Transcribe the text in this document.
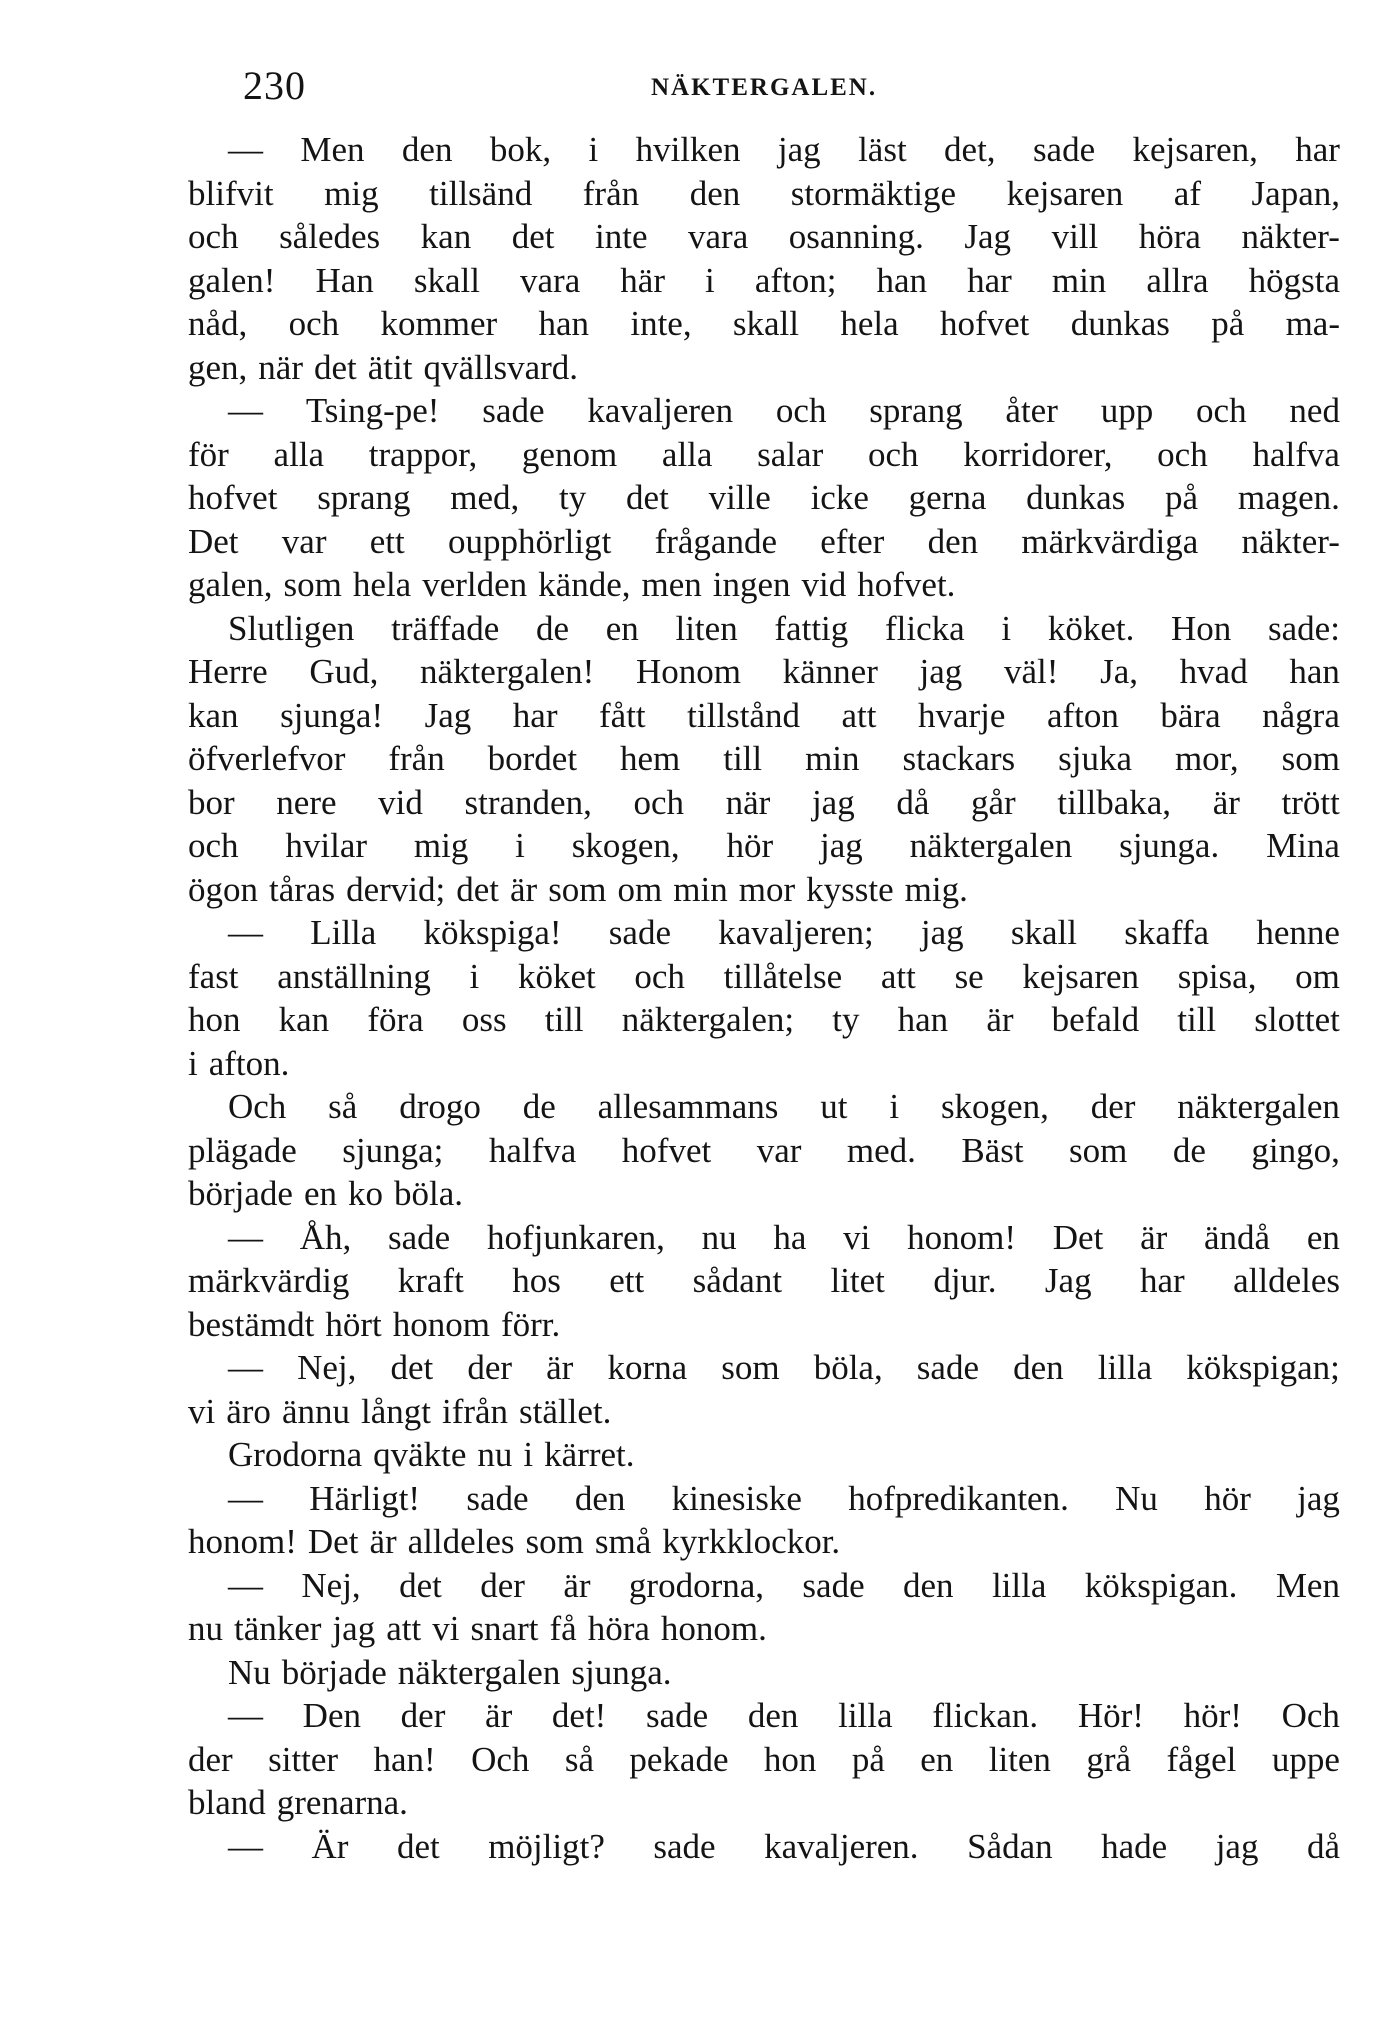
230	NÄKTERGALEN.
— Men den bok, i hvilken jag läst det, sade kejsaren, har
blifvit mig tillsänd från den stormäktige kejsaren af Japan,
och således kan det inte vara osanning. Jag vill höra näkter-
galen! Han skall vara här i afton; han har min allra högsta
nåd, och kommer han inte, skall hela hofvet dunkas på ma-
gen, när det ätit qvällsvard.
— Tsing-pe! sade kavaljeren och sprang åter upp och ned
för alla trappor, genom alla salar och korridorer, och halfva
hofvet sprang med, ty det ville icke gerna dunkas på magen.
Det var ett oupphörligt frågande efter den märkvärdiga näkter-
galen, som hela verlden kände, men ingen vid hofvet.
Slutligen träffade de en liten fattig flicka i köket. Hon sade:
Herre Gud, näktergalen! Honom känner jag väl! Ja, hvad han
kan sjunga! Jag har fått tillstånd att hvarje afton bära några
öfverlefvor från bordet hem till min stackars sjuka mor, som
bor nere vid stranden, och när jag då går tillbaka, är trött
och hvilar mig i skogen, hör jag näktergalen sjunga. Mina
ögon tåras dervid; det är som om min mor kysste mig.
— Lilla kökspiga! sade kavaljeren; jag skall skaffa henne
fast anställning i köket och tillåtelse att se kejsaren spisa, om
hon kan föra oss till näktergalen; ty han är befald till slottet
i afton.
Och så drogo de allesammans ut i skogen, der näktergalen
plägade sjunga; halfva hofvet var med. Bäst som de gingo,
började en ko böla.
— Åh, sade hofjunkaren, nu ha vi honom! Det är ändå en
märkvärdig kraft hos ett sådant litet djur. Jag har alldeles
bestämdt hört honom förr.
— Nej, det der är korna som böla, sade den lilla kökspigan;
vi äro ännu långt ifrån stället.
Grodorna qväkte nu i kärret.
— Härligt! sade den kinesiske hofpredikanten. Nu hör jag
honom! Det är alldeles som små kyrkklockor.
— Nej, det der är grodorna, sade den lilla kökspigan. Men
nu tänker jag att vi snart få höra honom.
Nu började näktergalen sjunga.
— Den der är det! sade den lilla flickan. Hör! hör! Och
der sitter han! Och så pekade hon på en liten grå fågel uppe
bland grenarna.
— Är det möjligt? sade kavaljeren. Sådan hade jag då
